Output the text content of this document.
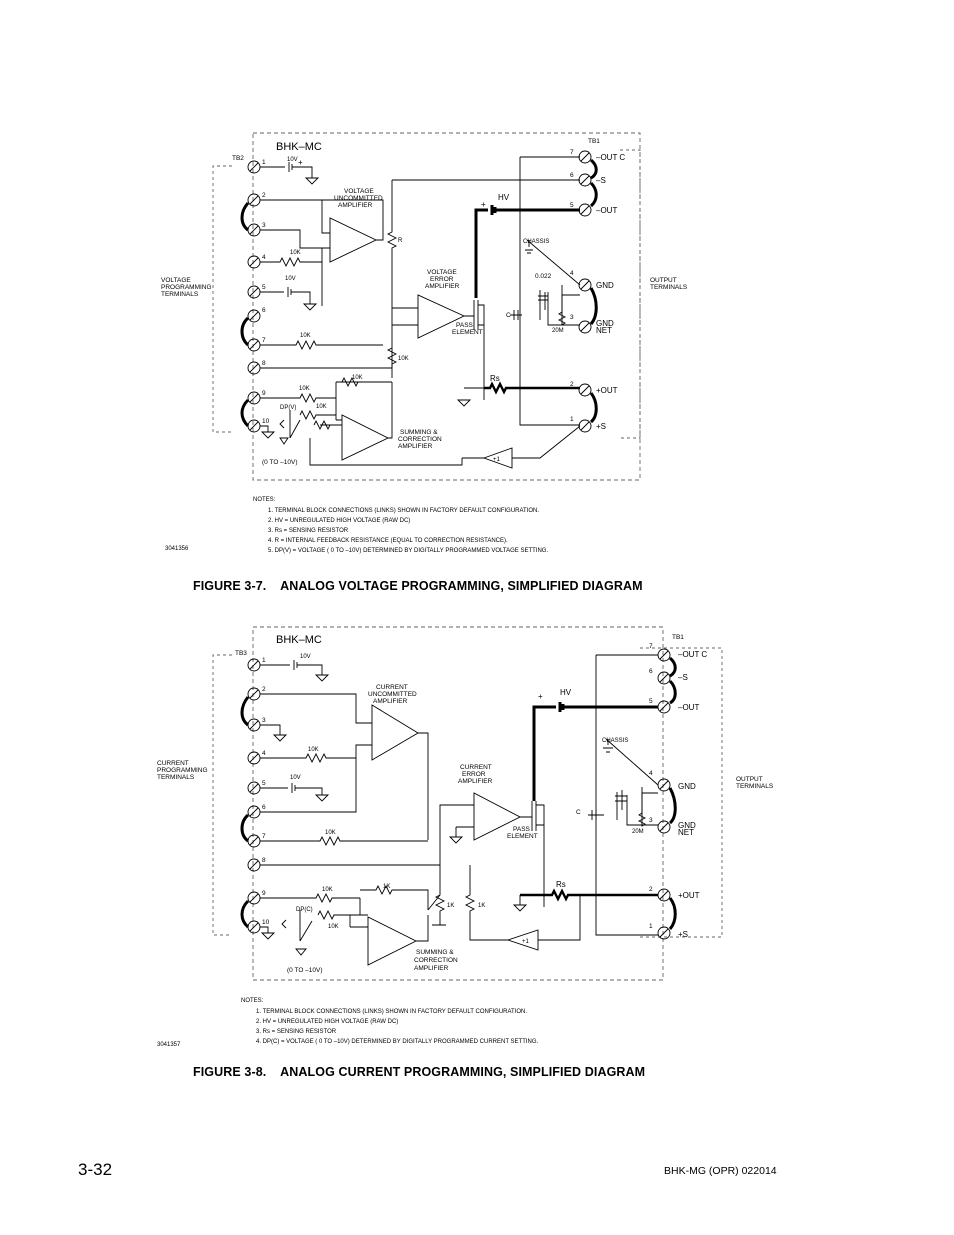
BHK–MC
TB2
TB1
VOLTAGE
PROGRAMMING
TERMINALS
OUTPUT
TERMINALS
VOLTAGE
UNCOMMITTED
AMPLIFIER
VOLTAGE
ERROR
AMPLIFIER
SUMMING &
CORRECTION
AMPLIFIER
PASS
ELEMENT
HV
+
CHASSIS
0.022
20M
C
Rs
R
10V +
10V
10K
10K
10K
10K
10K
10K
DP(V)
(0 TO –10V)	+1
1
2
3
4
5
6
7
8
9
10
7
6
5
4
3
2
1
–OUT C
–S
–OUT
GND
GND
NET
+OUT
+S
NOTES:
1. TERMINAL BLOCK CONNECTIONS (LINKS) SHOWN IN FACTORY DEFAULT CONFIGURATION.
2. HV = UNREGULATED HIGH VOLTAGE (RAW DC)
3. Rs = SENSING RESISTOR
4. R = INTERNAL FEEDBACK RESISTANCE (EQUAL TO CORRECTION RESISTANCE).
5. DP(V) = VOLTAGE ( 0 TO –10V) DETERMINED BY DIGITALLY PROGRAMMED VOLTAGE SETTING.
3041356
FIGURE 3-7.    ANALOG VOLTAGE PROGRAMMING, SIMPLIFIED DIAGRAM
BHK–MC
TB3
TB1
CURRENT
PROGRAMMING
TERMINALS	OUTPUT
TERMINALS
CURRENT
UNCOMMITTED
AMPLIFIER
CURRENT
ERROR
AMPLIFIER
SUMMING &
CORRECTION
AMPLIFIER
PASS
ELEMENT
HV
+
CHASSIS
20M
C
Rs
10V
10V
10K
10K
10K
10K
1K
1K	1K
DP(C)
(0 TO –10V)
+1
1
2
3
4
5
6
7
8
9
10
7
6
5
4
3
2
1
–OUT C
–S
–OUT
GND
GND
NET
+OUT
+S
NOTES:
1. TERMINAL BLOCK CONNECTIONS (LINKS) SHOWN IN FACTORY DEFAULT CONFIGURATION.
2. HV = UNREGULATED HIGH VOLTAGE (RAW DC)
3. Rs = SENSING RESISTOR
4. DP(C) = VOLTAGE ( 0 TO –10V) DETERMINED BY DIGITALLY PROGRAMMED CURRENT SETTING.
3041357
FIGURE 3-8.    ANALOG CURRENT PROGRAMMING, SIMPLIFIED DIAGRAM
3-32	BHK-MG (OPR) 022014
